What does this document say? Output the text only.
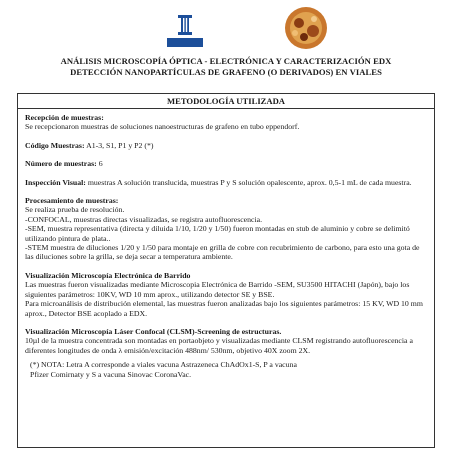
ANÁLISIS MICROSCOPÍA ÓPTICA - ELECTRÓNICA Y CARACTERIZACIÓN EDX
DETECCIÓN NANOPARTÍCULAS DE GRAFENO (O DERIVADOS) EN VIALES
METODOLOGÍA UTILIZADA

Recepción de muestras:

Se recepcionaron muestras de soluciones nanoestructuras de grafeno en tubo eppendorf.

Código Muestras: A1-3, S1, P1 y P2 (*)

Número de muestras: 6

Inspección Visual: muestras A solución translucida, muestras P y S solución opalescente, aprox. 0,5-1 mL de cada muestra.

Procesamiento de muestras:

Se realiza prueba de resolución.

-CONFOCAL, muestras directas visualizadas, se registra autofluorescencia.

-SEM, muestra representativa (directa y diluida 1/10, 1/20 y 1/50) fueron montadas en stub de aluminio y cobre se delimitó utilizando pintura de plata..

-STEM muestra de diluciones 1/20 y 1/50 para montaje en grilla de cobre con recubrimiento de carbono, para esto una gota de las diluciones sobre la grilla, se deja secar a temperatura ambiente.

Visualización Microscopía Electrónica de Barrido

Las muestras fueron visualizadas mediante Microscopia Electrónica de Barrido -SEM, SU3500 HITACHI (Japón), bajo los siguientes parámetros: 10KV, WD 10 mm aprox., utilizando detector SE y BSE.

Para microanálisis de distribución elemental, las muestras fueron analizadas bajo los siguientes parámetros: 15 KV, WD 10 mm aprox., Detector BSE acoplado a EDX.

Visualización Microscopía Láser Confocal (CLSM)-Screening de estructuras.

10µl de la muestra concentrada son montadas en portaobjeto y visualizadas mediante CLSM registrando autofluorescencia a diferentes longitudes de onda λ emisión/excitación 488nm/ 530nm, objetivo 40X zoom 2X.

(*) NOTA: Letra A corresponde a viales vacuna Astrazeneca ChAdOx1-S, P a vacuna

Pfizer Comirnaty y S a vacuna Sinovac CoronaVac.
